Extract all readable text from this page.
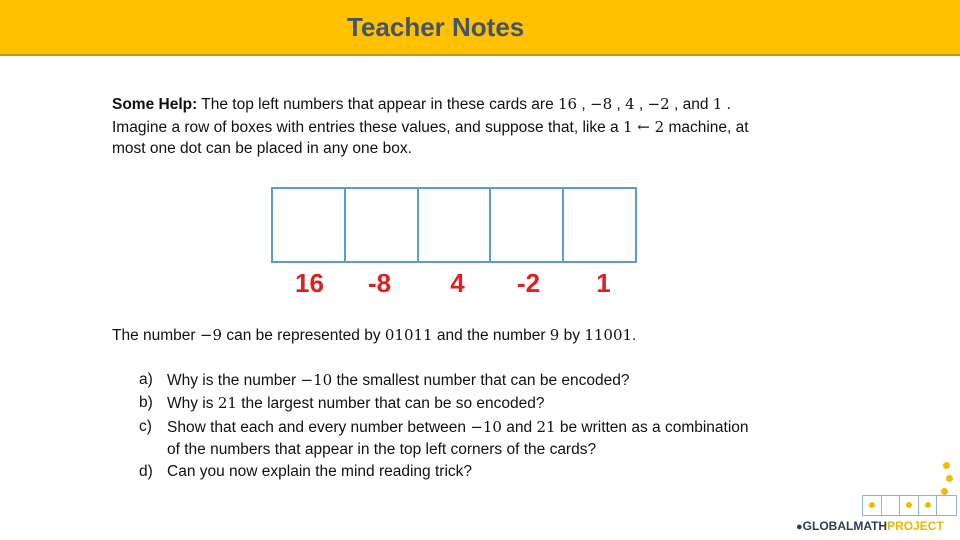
Teacher Notes
Some Help: The top left numbers that appear in these cards are 16 , −8 , 4 , −2 , and 1 .
Imagine a row of boxes with entries these values, and suppose that, like a 1 ← 2 machine, at
most one dot can be placed in any one box.
16	-8	4	-2	1
The number −9 can be represented by 01011 and the number 9 by 11001.
a) Why is the number −10 the smallest number that can be encoded?
b) Why is 21 the largest number that can be so encoded?
c) Show that each and every number between −10 and 21 be written as a combination
of the numbers that appear in the top left corners of the cards?
d) Can you now explain the mind reading trick?
●GLOBALMATHPROJECT
